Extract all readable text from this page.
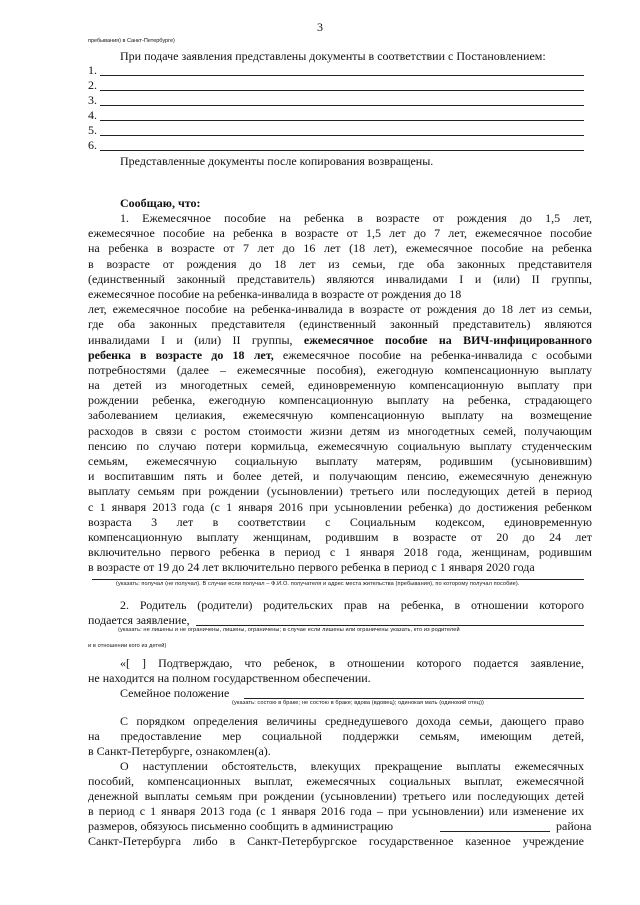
3
пребывания) в Санкт-Петербурге)
При подаче заявления представлены документы в соответствии с Постановлением:
1.
2.
3.
4.
5.
6.
Представленные документы после копирования возвращены.
Сообщаю, что:
1. Ежемесячное пособие на ребенка в возрасте от рождения до 1,5 лет,
ежемесячное пособие на ребенка в возрасте от 1,5 лет до 7 лет, ежемесячное пособие
на ребенка в возрасте от 7 лет до 16 лет (18 лет), ежемесячное пособие на ребенка
в возрасте от рождения до 18 лет из семьи, где оба законных представителя
(единственный законный представитель) являются инвалидами I и (или) II группы,
ежемесячное пособие на ребенка-инвалида в возрасте от рождения до 18
лет, ежемесячное пособие на ребенка-инвалида в возрасте от рождения до 18 лет из семьи,
где оба законных представителя (единственный законный представитель) являются
инвалидами I и (или) II группы, ежемесячное пособие на ВИЧ-инфицированного
ребенка в возрасте до 18 лет, ежемесячное пособие на ребенка-инвалида с особыми
потребностями (далее – ежемесячные пособия), ежегодную компенсационную выплату
на детей из многодетных семей, единовременную компенсационную выплату при
рождении ребенка, ежегодную компенсационную выплату на ребенка, страдающего
заболеванием целиакия, ежемесячную компенсационную выплату на возмещение
расходов в связи с ростом стоимости жизни детям из многодетных семей, получающим
пенсию по случаю потери кормильца, ежемесячную социальную выплату студенческим
семьям, ежемесячную социальную выплату матерям, родившим (усыновившим)
и воспитавшим пять и более детей, и получающим пенсию, ежемесячную денежную
выплату семьям при рождении (усыновлении) третьего или последующих детей в период
с 1 января 2013 года (с 1 января 2016 при усыновлении ребенка) до достижения ребенком
возраста 3 лет в соответствии с Социальным кодексом, единовременную
компенсационную выплату женщинам, родившим в возрасте от 20 до 24 лет
включительно первого ребенка в период с 1 января 2018 года, женщинам, родившим
в возрасте от 19 до 24 лет включительно первого ребенка в период с 1 января 2020 года
(указать: получал (не получал). В случае если получал – Ф.И.О. получателя и адрес места жительства (пребывания), по которому получал пособие).
2. Родитель (родители) родительских прав на ребенка, в отношении которого
подается заявление,
(указать: не лишены и не ограничены, лишены, ограничены; в случае если лишены или ограничены указать, кто из родителей
и в отношении кого из детей)
«[ ] Подтверждаю, что ребенок, в отношении которого подается заявление,
не находится на полном государственном обеспечении.
Семейное положение
(указать: состою в браке; не состою в браке; вдова (вдовец); одинокая мать (одинокий отец))
С порядком определения величины среднедушевого дохода семьи, дающего право
на предоставление мер социальной поддержки семьям, имеющим детей,
в Санкт-Петербурге, ознакомлен(а).
О наступлении обстоятельств, влекущих прекращение выплаты ежемесячных
пособий, компенсационных выплат, ежемесячных социальных выплат, ежемесячной
денежной выплаты семьям при рождении (усыновлении) третьего или последующих детей
в период с 1 января 2013 года (с 1 января 2016 года – при усыновлении) или изменение их
размеров, обязуюсь письменно сообщить в администрацию	района
Санкт-Петербурга либо в Санкт-Петербургское государственное казенное учреждение
